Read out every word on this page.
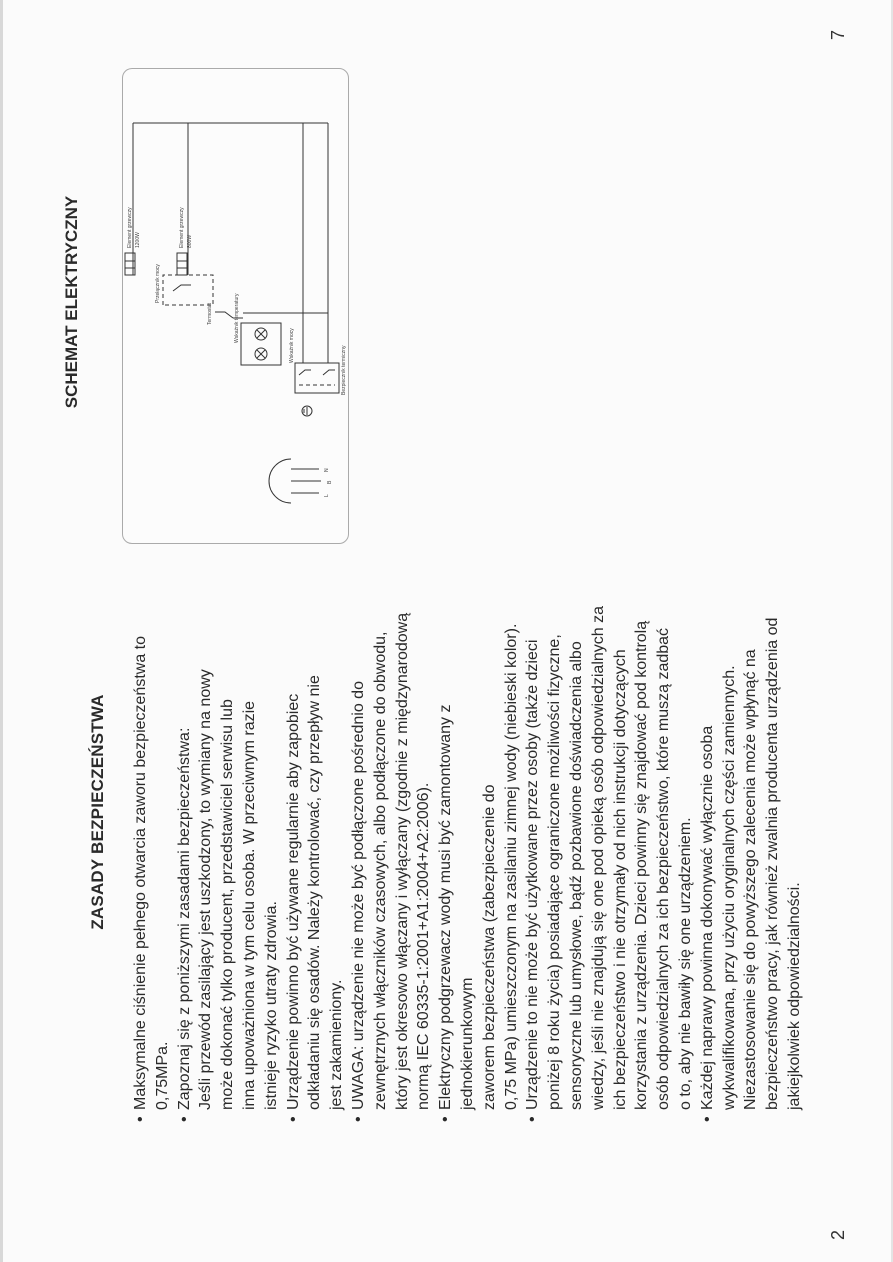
2
7
ZASADY BEZPIECZEŃSTWA • Maksymalne ciśnienie pełnego otwarcia zaworu bezpieczeństwa to 0,75MPa. • Zapoznaj się z poniższymi zasadami bezpieczeństwa: Jeśli przewód zasilający jest uszkodzony, to wymiany na nowy może dokonać tylko producent, przedstawiciel serwisu lub inna upoważniona w tym celu osoba. W przeciwnym razie istnieje ryzyko utraty zdrowia. • Urządzenie powinno być używane regularnie aby zapobiec odkładaniu się osadów. Należy kontrolować, czy przepływ nie jest zakamieniony. • UWAGA: urządzenie nie może być podłączone pośrednio do zewnętrznych włączników czasowych, albo podłączone do obwodu, który jest okresowo włączany i wyłączany (zgodnie z międzynarodową normą IEC 60335-1:2001+A1:2004+A2:2006). • Elektryczny podgrzewacz wody musi być zamontowany z jednokierunkowym zaworem bezpieczeństwa (zabezpieczenie do 0,75 MPa) umieszczonym na zasilaniu zimnej wody (niebieski kolor). • Urządzenie to nie może być użytkowane przez osoby (także dzieci poniżej 8 roku życia) posiadające ograniczone możliwości fizyczne, sensoryczne lub umysłowe, bądź pozbawione doświadczenia albo wiedzy, jeśli nie znajdują się one pod opieką osób odpowiedzialnych za ich bezpieczeństwo i nie otrzymały od nich instrukcji dotyczących korzystania z urządzenia. Dzieci powinny się znajdować pod kontrolą osób odpowiedzialnych za ich bezpieczeństwo, które muszą zadbać o to, aby nie bawiły się one urządzeniem. • Każdej naprawy powinna dokonywać wyłącznie osoba wykwalifikowana, przy użyciu oryginalnych części zamiennych. Niezastosowanie się do powyższego zalecenia może wpłynąć na bezpieczeństwo pracy, jak również zwalnia producenta urządzenia od jakiejkolwiek odpowiedzialności.
SCHEMAT ELEKTRYCZNY
L
B
N
Bezpiecznik termiczny
Wskaźnik mocy
Wskaźnik temperatury
Termostat
Przełącznik mocy
Element grzewczy 800W
Element grzewczy 1200W
